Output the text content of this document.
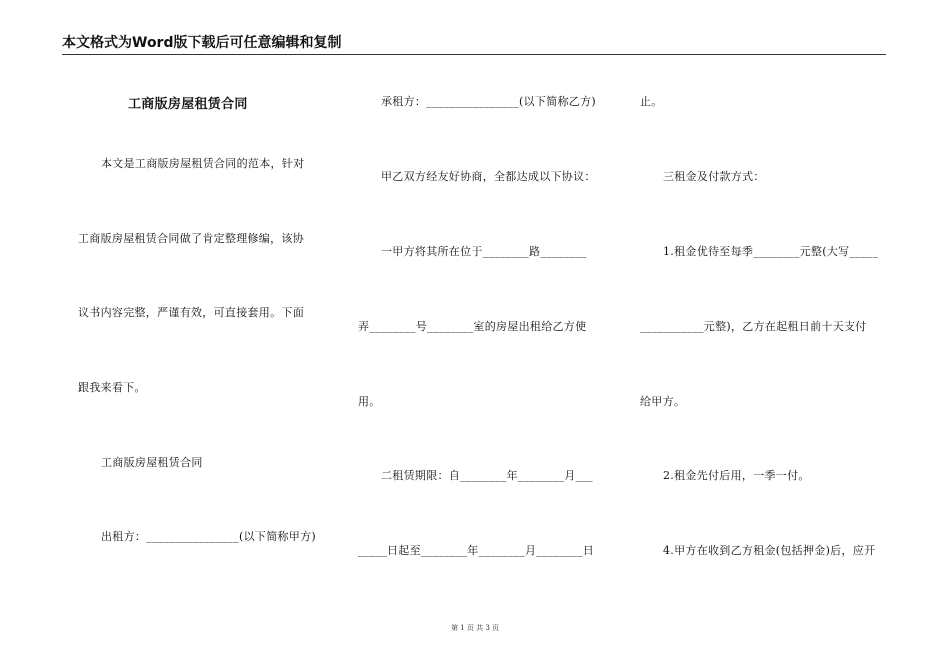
本文格式为Word版下载后可任意编辑和复制
工商版房屋租赁合同
本文是工商版房屋租赁合同的范本，针对
工商版房屋租赁合同做了肯定整理修编，该协
议书内容完整，严谨有效，可直接套用。下面
跟我来看下。
工商版房屋租赁合同
出租方：________________(以下简称甲方)
承租方：________________(以下简称乙方)
甲乙双方经友好协商，全都达成以下协议：
一甲方将其所在位于________路________
弄________号________室的房屋出租给乙方使
用。
二租赁期限：自________年________月___
_____日起至________年________月________日
止。
三租金及付款方式：
1.租金优待至每季________元整(大写_____
___________元整)，乙方在起租日前十天支付
给甲方。
2.租金先付后用，一季一付。
4.甲方在收到乙方租金(包括押金)后，应开
第 1 页 共 3 页
